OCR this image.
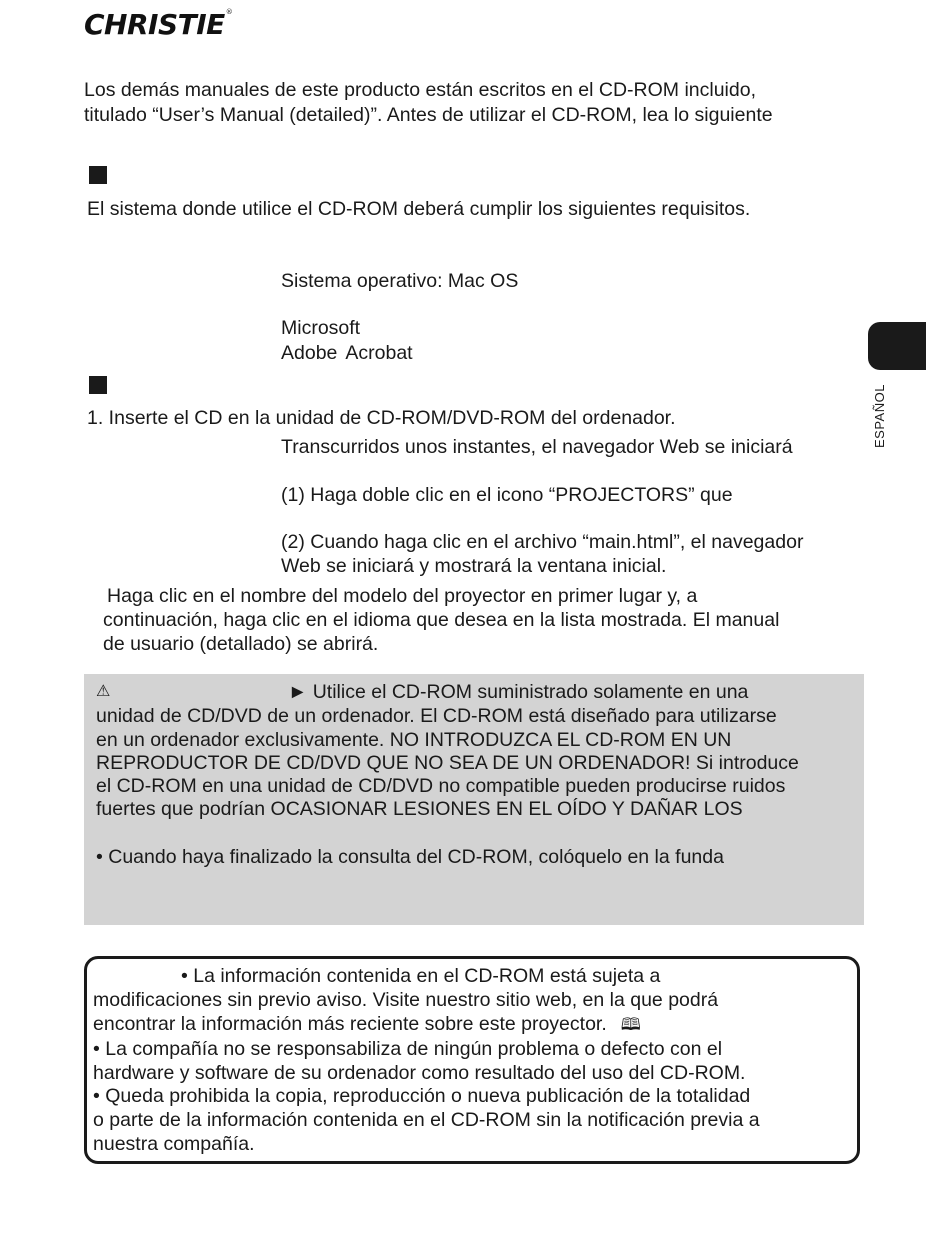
CHRISTIE®
Los demás manuales de este producto están escritos en el CD-ROM incluido,
titulado “User’s Manual (detailed)”. Antes de utilizar el CD-ROM, lea lo siguiente
El sistema donde utilice el CD-ROM deberá cumplir los siguientes requisitos.
Sistema operativo: Mac OS
Microsoft
Adobe Acrobat
1. Inserte el CD en la unidad de CD-ROM/DVD-ROM del ordenador.
Transcurridos unos instantes, el navegador Web se iniciará
(1) Haga doble clic en el icono “PROJECTORS” que
(2) Cuando haga clic en el archivo “main.html”, el navegador
Web se iniciará y mostrará la ventana inicial.
Haga clic en el nombre del modelo del proyector en primer lugar y, a
continuación, haga clic en el idioma que desea en la lista mostrada. El manual
de usuario (detallado) se abrirá.
ESPAÑOL
⚠	► Utilice el CD-ROM suministrado solamente en una
unidad de CD/DVD de un ordenador. El CD-ROM está diseñado para utilizarse
en un ordenador exclusivamente. NO INTRODUZCA EL CD-ROM EN UN
REPRODUCTOR DE CD/DVD QUE NO SEA DE UN ORDENADOR! Si introduce
el CD-ROM en una unidad de CD/DVD no compatible pueden producirse ruidos
fuertes que podrían OCASIONAR LESIONES EN EL OÍDO Y DAÑAR LOS
• Cuando haya finalizado la consulta del CD-ROM, colóquelo en la funda
• La información contenida en el CD-ROM está sujeta a
modificaciones sin previo aviso. Visite nuestro sitio web, en la que podrá
encontrar la información más reciente sobre este proyector. 🕮
• La compañía no se responsabiliza de ningún problema o defecto con el
hardware y software de su ordenador como resultado del uso del CD-ROM.
• Queda prohibida la copia, reproducción o nueva publicación de la totalidad
o parte de la información contenida en el CD-ROM sin la notificación previa a
nuestra compañía.
